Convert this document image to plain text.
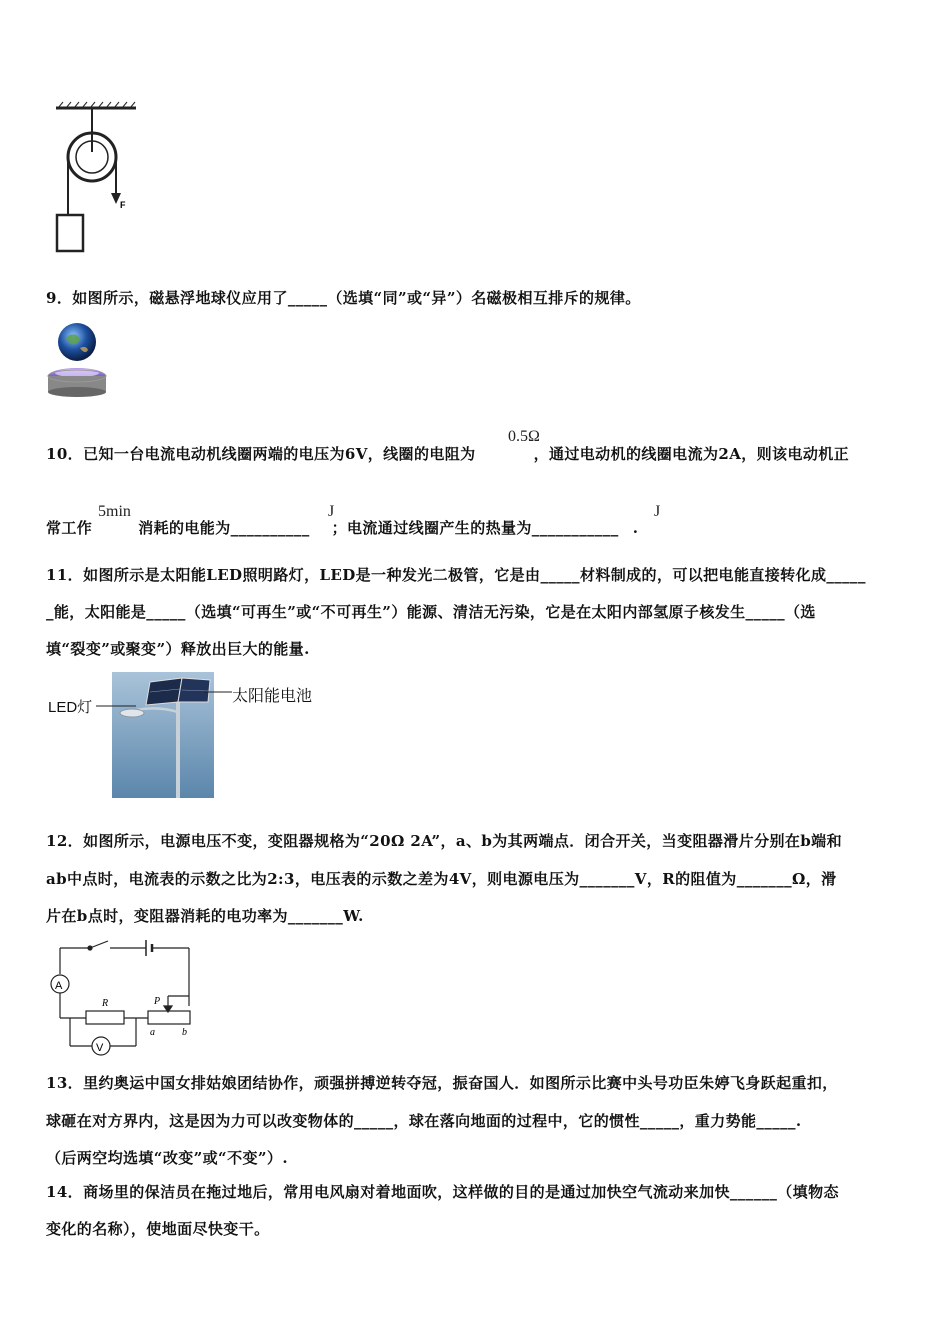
F
9．如图所示，磁悬浮地球仪应用了_____（选填“同”或“异”）名磁极相互排斥的规律。
10．已知一台电流电动机线圈两端的电压为6V，线圈的电阻为	，通过电动机的线圈电流为2A，则该电动机正
0.5Ω
常工作	消耗的电能为__________ ；电流通过线圈产生的热量为___________ .
5min	J	J
11．如图所示是太阳能LED照明路灯，LED是一种发光二极管，它是由_____材料制成的，可以把电能直接转化成_____
_能，太阳能是_____（选填“可再生”或“不可再生”）能源、清洁无污染，它是在太阳内部氢原子核发生_____（选
填“裂变”或聚变”）释放出巨大的能量.
LED灯
太阳能电池
12．如图所示，电源电压不变，变阻器规格为“20Ω 2A”，a、b为其两端点．闭合开关，当变阻器滑片分别在b端和
ab中点时，电流表的示数之比为2:3，电压表的示数之差为4V，则电源电压为_______V，R的阻值为_______Ω，滑
片在b点时，变阻器消耗的电功率为_______W.
A
V
R	P
a	b
13．里约奥运中国女排姑娘团结协作，顽强拼搏逆转夺冠，振奋国人．如图所示比赛中头号功臣朱婷飞身跃起重扣，
球砸在对方界内，这是因为力可以改变物体的_____，球在落向地面的过程中，它的惯性_____，重力势能_____.
（后两空均选填“改变”或“不变”）.
14．商场里的保洁员在拖过地后，常用电风扇对着地面吹，这样做的目的是通过加快空气流动来加快______（填物态
变化的名称），使地面尽快变干。
